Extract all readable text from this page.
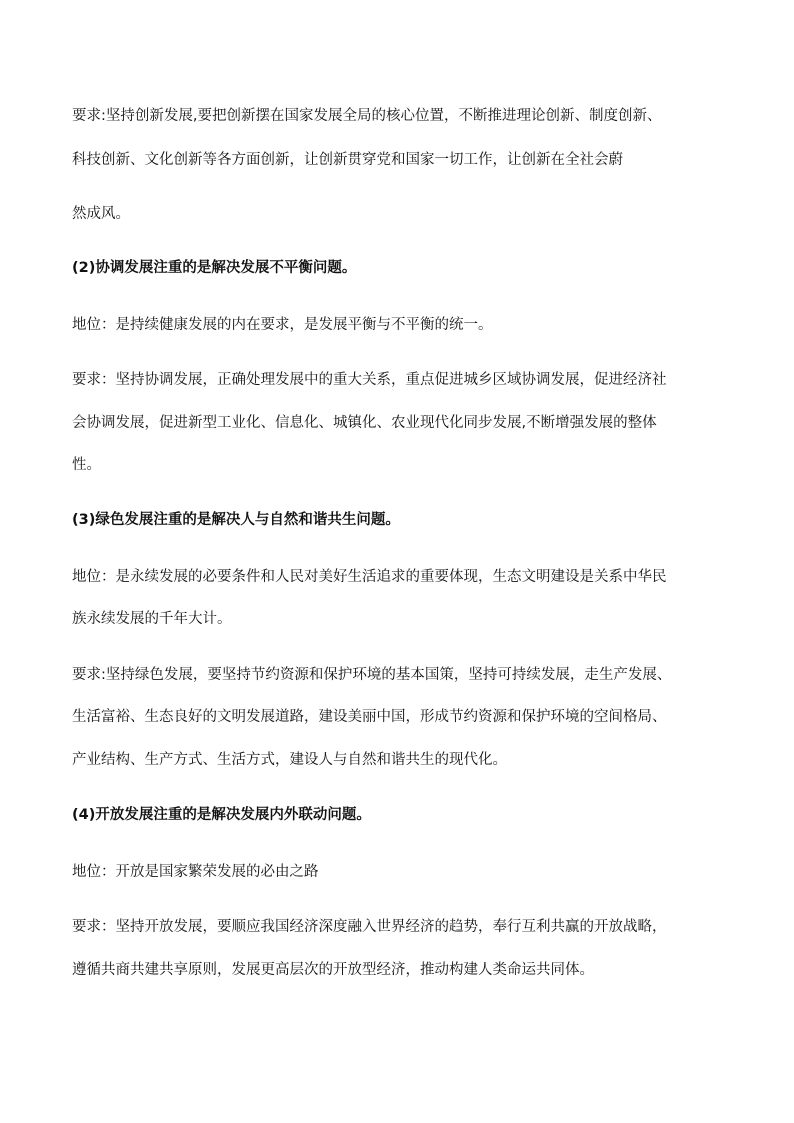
要求:坚持创新发展,要把创新摆在国家发展全局的核心位置，不断推进理论创新、制度创新、

科技创新、文化创新等各方面创新，让创新贯穿党和国家一切工作，让创新在全社会蔚

然成风。

(2)协调发展注重的是解决发展不平衡问题。

地位：是持续健康发展的内在要求，是发展平衡与不平衡的统一。

要求：坚持协调发展，正确处理发展中的重大关系，重点促进城乡区域协调发展，促进经济社

会协调发展，促进新型工业化、信息化、城镇化、农业现代化同步发展,不断增强发展的整体

性。

(3)绿色发展注重的是解决人与自然和谐共生问题。

地位：是永续发展的必要条件和人民对美好生活追求的重要体现，生态文明建设是关系中华民

族永续发展的千年大计。

要求:坚持绿色发展，要坚持节约资源和保护环境的基本国策，坚持可持续发展，走生产发展、

生活富裕、生态良好的文明发展道路，建设美丽中国，形成节约资源和保护环境的空间格局、

产业结构、生产方式、生活方式，建设人与自然和谐共生的现代化。

(4)开放发展注重的是解决发展内外联动问题。

地位：开放是国家繁荣发展的必由之路

要求：坚持开放发展，要顺应我国经济深度融入世界经济的趋势，奉行互利共赢的开放战略，

遵循共商共建共享原则，发展更高层次的开放型经济，推动构建人类命运共同体。
